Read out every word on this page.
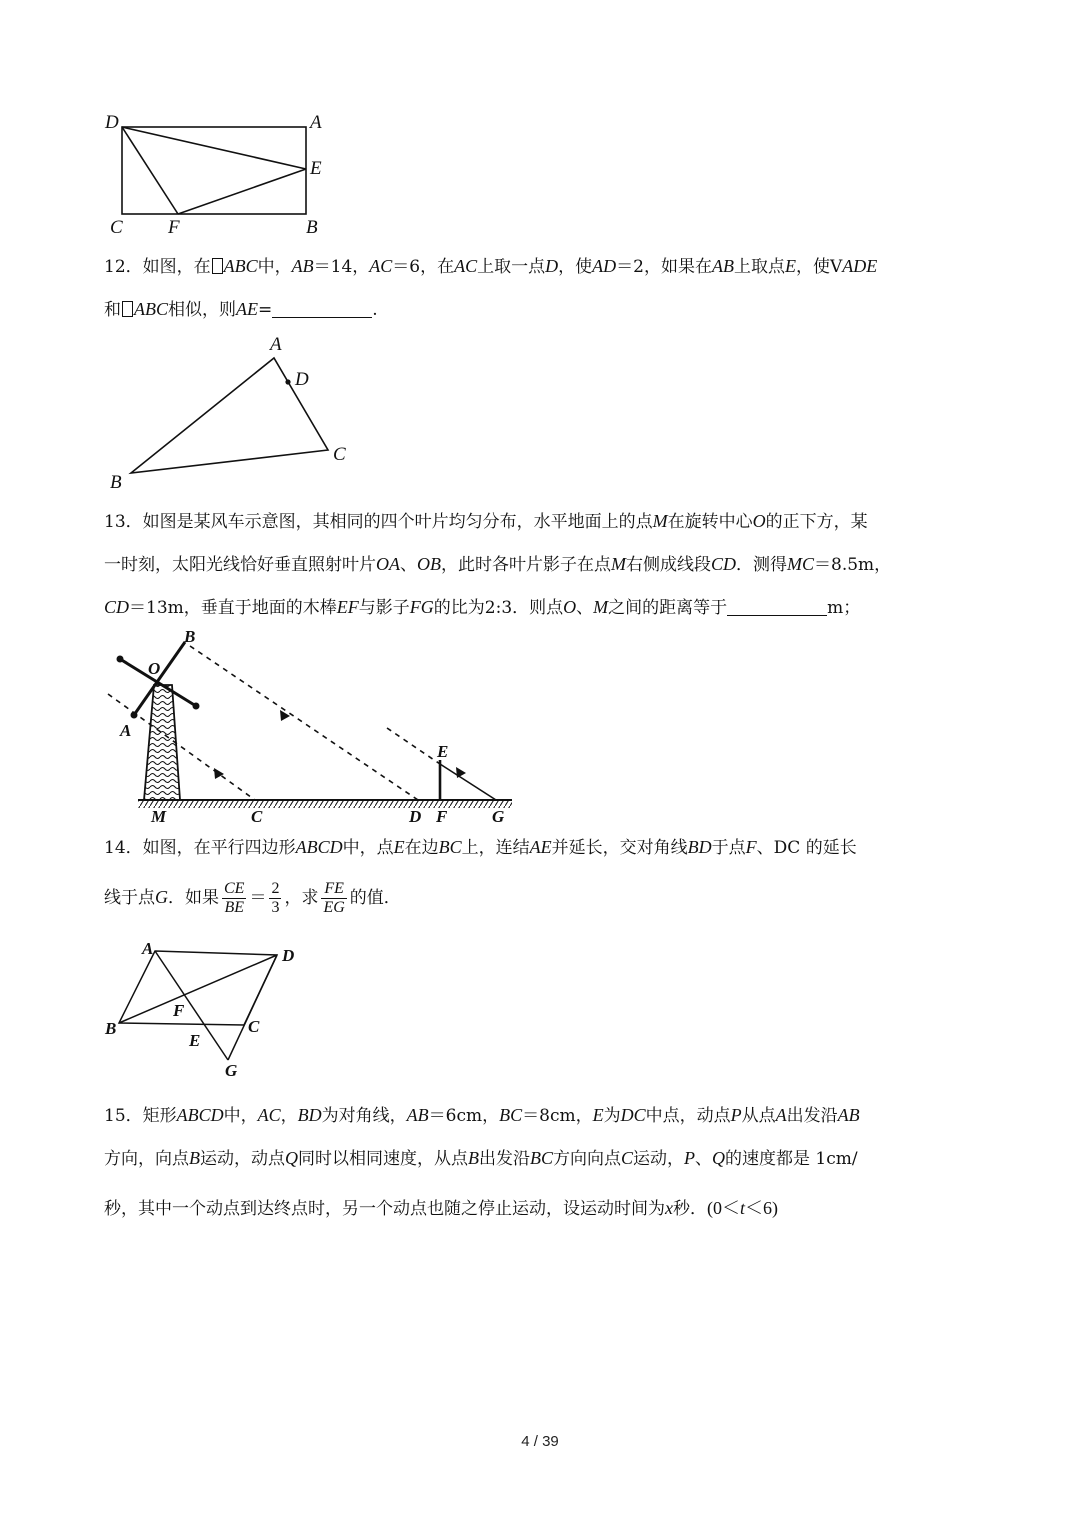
D	A
E
C F	B
12．如图，在 ABC中，AB＝14，AC＝6，在AC上取一点D，使AD＝2，如果在AB上取点E，使VADE
和 ABC相似，则AE=	.
A
D
C
B
13．如图是某风车示意图，其相同的四个叶片均匀分布，水平地面上的点M在旋转中心O的正下方，某
一时刻，太阳光线恰好垂直照射叶片OA、OB，此时各叶片影子在点M右侧成线段CD．测得MC＝8.5m，
CD＝13m，垂直于地面的木棒EF与影子FG的比为2:3．则点O、M之间的距离等于	m；
B
O
A
M	C	D
E
F	G
14．如图，在平行四边形ABCD中，点E在边BC上，连结AE并延长，交对角线BD于点F、DC 的延长
线于点G．如果 $\frac{CE}{BE} = \frac{2}{3}$ ，求 $\frac{FE}{EG}$ 的值．
A	D
F
B
E
C
G
15．矩形ABCD中，AC，BD为对角线，AB＝6cm，BC＝8cm，E为DC中点，动点P从点A出发沿AB
方向，向点B运动，动点Q同时以相同速度，从点B出发沿BC方向向点C运动，P、Q的速度都是 1cm/
秒，其中一个动点到达终点时，另一个动点也随之停止运动，设运动时间为x秒．(0＜t＜6)
4 / 39
